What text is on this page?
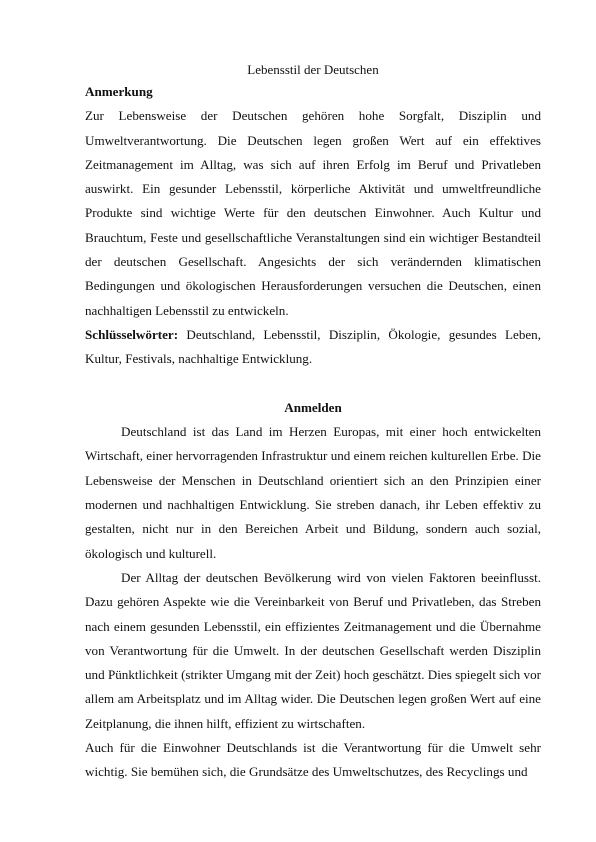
Lebensstil der Deutschen

Anmerkung

Zur Lebensweise der Deutschen gehören hohe Sorgfalt, Disziplin und Umweltverantwortung. Die Deutschen legen großen Wert auf ein effektives Zeitmanagement im Alltag, was sich auf ihren Erfolg im Beruf und Privatleben auswirkt. Ein gesunder Lebensstil, körperliche Aktivität und umweltfreundliche Produkte sind wichtige Werte für den deutschen Einwohner. Auch Kultur und Brauchtum, Feste und gesellschaftliche Veranstaltungen sind ein wichtiger Bestandteil der deutschen Gesellschaft. Angesichts der sich verändernden klimatischen Bedingungen und ökologischen Herausforderungen versuchen die Deutschen, einen nachhaltigen Lebensstil zu entwickeln.

Schlüsselwörter: Deutschland, Lebensstil, Disziplin, Ökologie, gesundes Leben, Kultur, Festivals, nachhaltige Entwicklung.

Anmelden

Deutschland ist das Land im Herzen Europas, mit einer hoch entwickelten Wirtschaft, einer hervorragenden Infrastruktur und einem reichen kulturellen Erbe. Die Lebensweise der Menschen in Deutschland orientiert sich an den Prinzipien einer modernen und nachhaltigen Entwicklung. Sie streben danach, ihr Leben effektiv zu gestalten, nicht nur in den Bereichen Arbeit und Bildung, sondern auch sozial, ökologisch und kulturell.

Der Alltag der deutschen Bevölkerung wird von vielen Faktoren beeinflusst. Dazu gehören Aspekte wie die Vereinbarkeit von Beruf und Privatleben, das Streben nach einem gesunden Lebensstil, ein effizientes Zeitmanagement und die Übernahme von Verantwortung für die Umwelt. In der deutschen Gesellschaft werden Disziplin und Pünktlichkeit (strikter Umgang mit der Zeit) hoch geschätzt. Dies spiegelt sich vor allem am Arbeitsplatz und im Alltag wider. Die Deutschen legen großen Wert auf eine Zeitplanung, die ihnen hilft, effizient zu wirtschaften.

Auch für die Einwohner Deutschlands ist die Verantwortung für die Umwelt sehr wichtig. Sie bemühen sich, die Grundsätze des Umweltschutzes, des Recyclings und
